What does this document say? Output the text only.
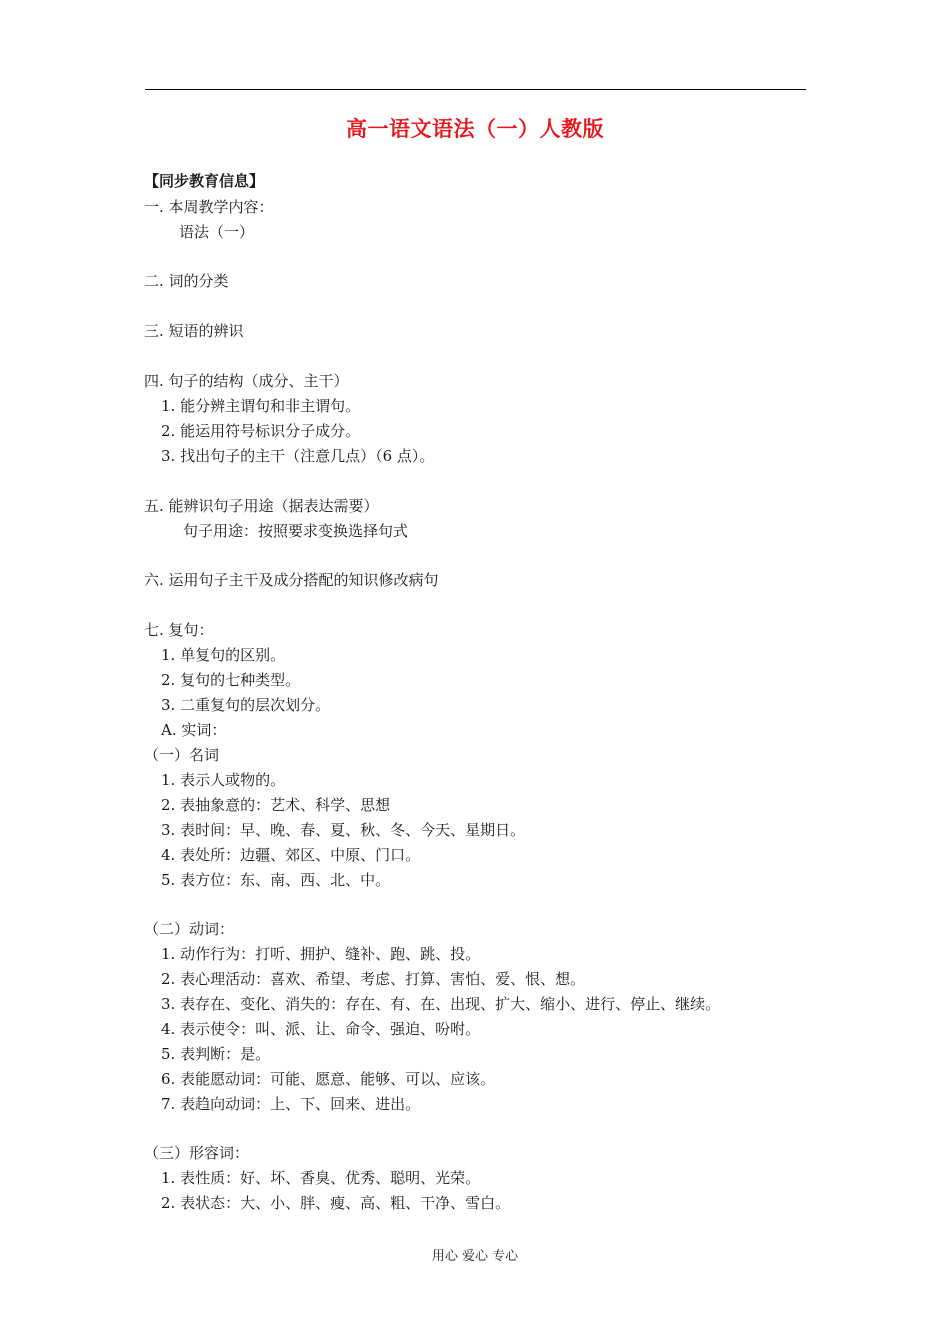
高一语文语法（一）人教版
【同步教育信息】
一. 本周教学内容：
语法（一）
二. 词的分类
三. 短语的辨识
四. 句子的结构（成分、主干）
1. 能分辨主谓句和非主谓句。
2. 能运用符号标识分子成分。
3. 找出句子的主干（注意几点）（6 点）。
五. 能辨识句子用途（据表达需要）
句子用途：按照要求变换选择句式
六. 运用句子主干及成分搭配的知识修改病句
七. 复句：
1. 单复句的区别。
2. 复句的七种类型。
3. 二重复句的层次划分。
A. 实词：
（一）名词
1. 表示人或物的。
2. 表抽象意的：艺术、科学、思想
3. 表时间：早、晚、春、夏、秋、冬、今天、星期日。
4. 表处所：边疆、郊区、中原、门口。
5. 表方位：东、南、西、北、中。
（二）动词：
1. 动作行为：打听、拥护、缝补、跑、跳、投。
2. 表心理活动：喜欢、希望、考虑、打算、害怕、爱、恨、想。
3. 表存在、变化、消失的：存在、有、在、出现、扩大、缩小、进行、停止、继续。
4. 表示使令：叫、派、让、命令、强迫、吩咐。
5. 表判断：是。
6. 表能愿动词：可能、愿意、能够、可以、应该。
7. 表趋向动词：上、下、回来、进出。
（三）形容词：
1. 表性质：好、坏、香臭、优秀、聪明、光荣。
2. 表状态：大、小、胖、瘦、高、粗、干净、雪白。
用心 爱心 专心
